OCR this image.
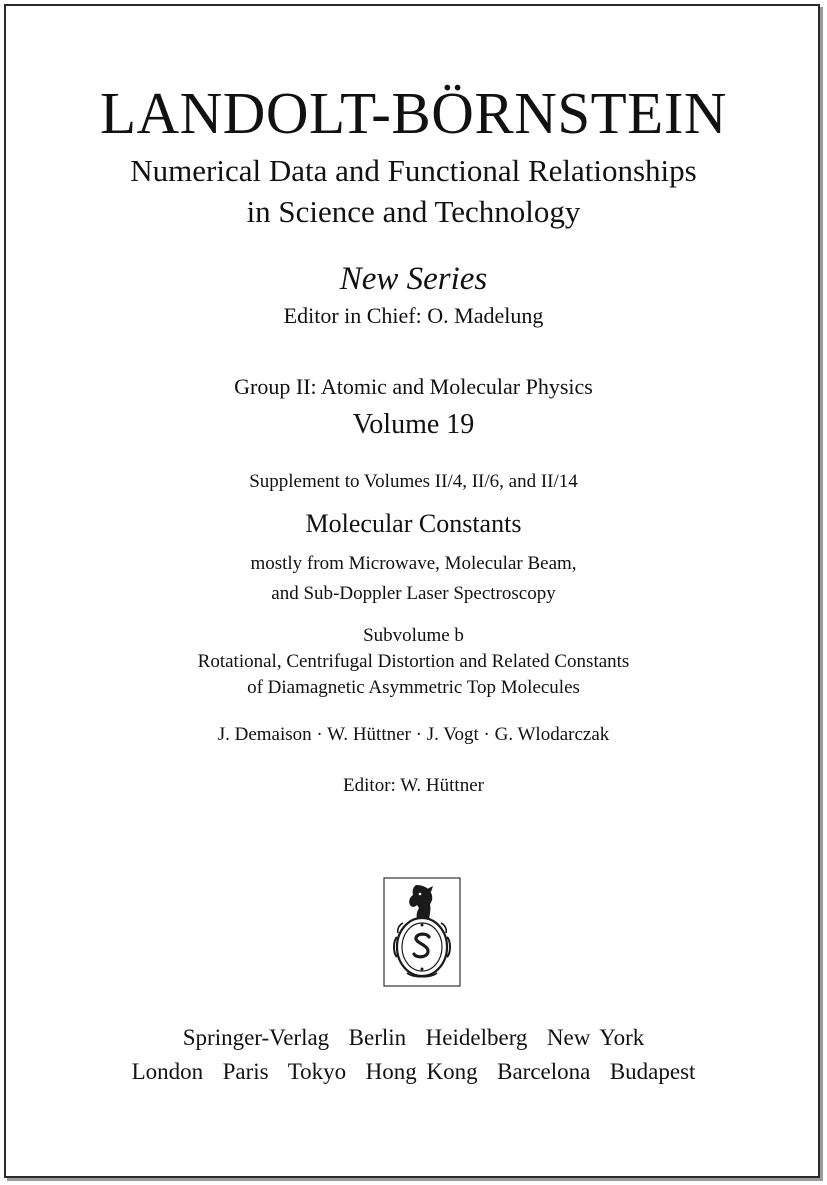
LANDOLT-BÖRNSTEIN
Numerical Data and Functional Relationships
in Science and Technology
New Series
Editor in Chief: O. Madelung
Group II: Atomic and Molecular Physics
Volume 19
Supplement to Volumes II/4, II/6, and II/14
Molecular Constants
mostly from Microwave, Molecular Beam,
and Sub-Doppler Laser Spectroscopy
Subvolume b
Rotational, Centrifugal Distortion and Related Constants
of Diamagnetic Asymmetric Top Molecules
J. Demaison · W. Hüttner · J. Vogt · G. Wlodarczak
Editor: W. Hüttner
Springer-Verlag  Berlin  Heidelberg  New York
London  Paris  Tokyo  Hong Kong  Barcelona  Budapest
